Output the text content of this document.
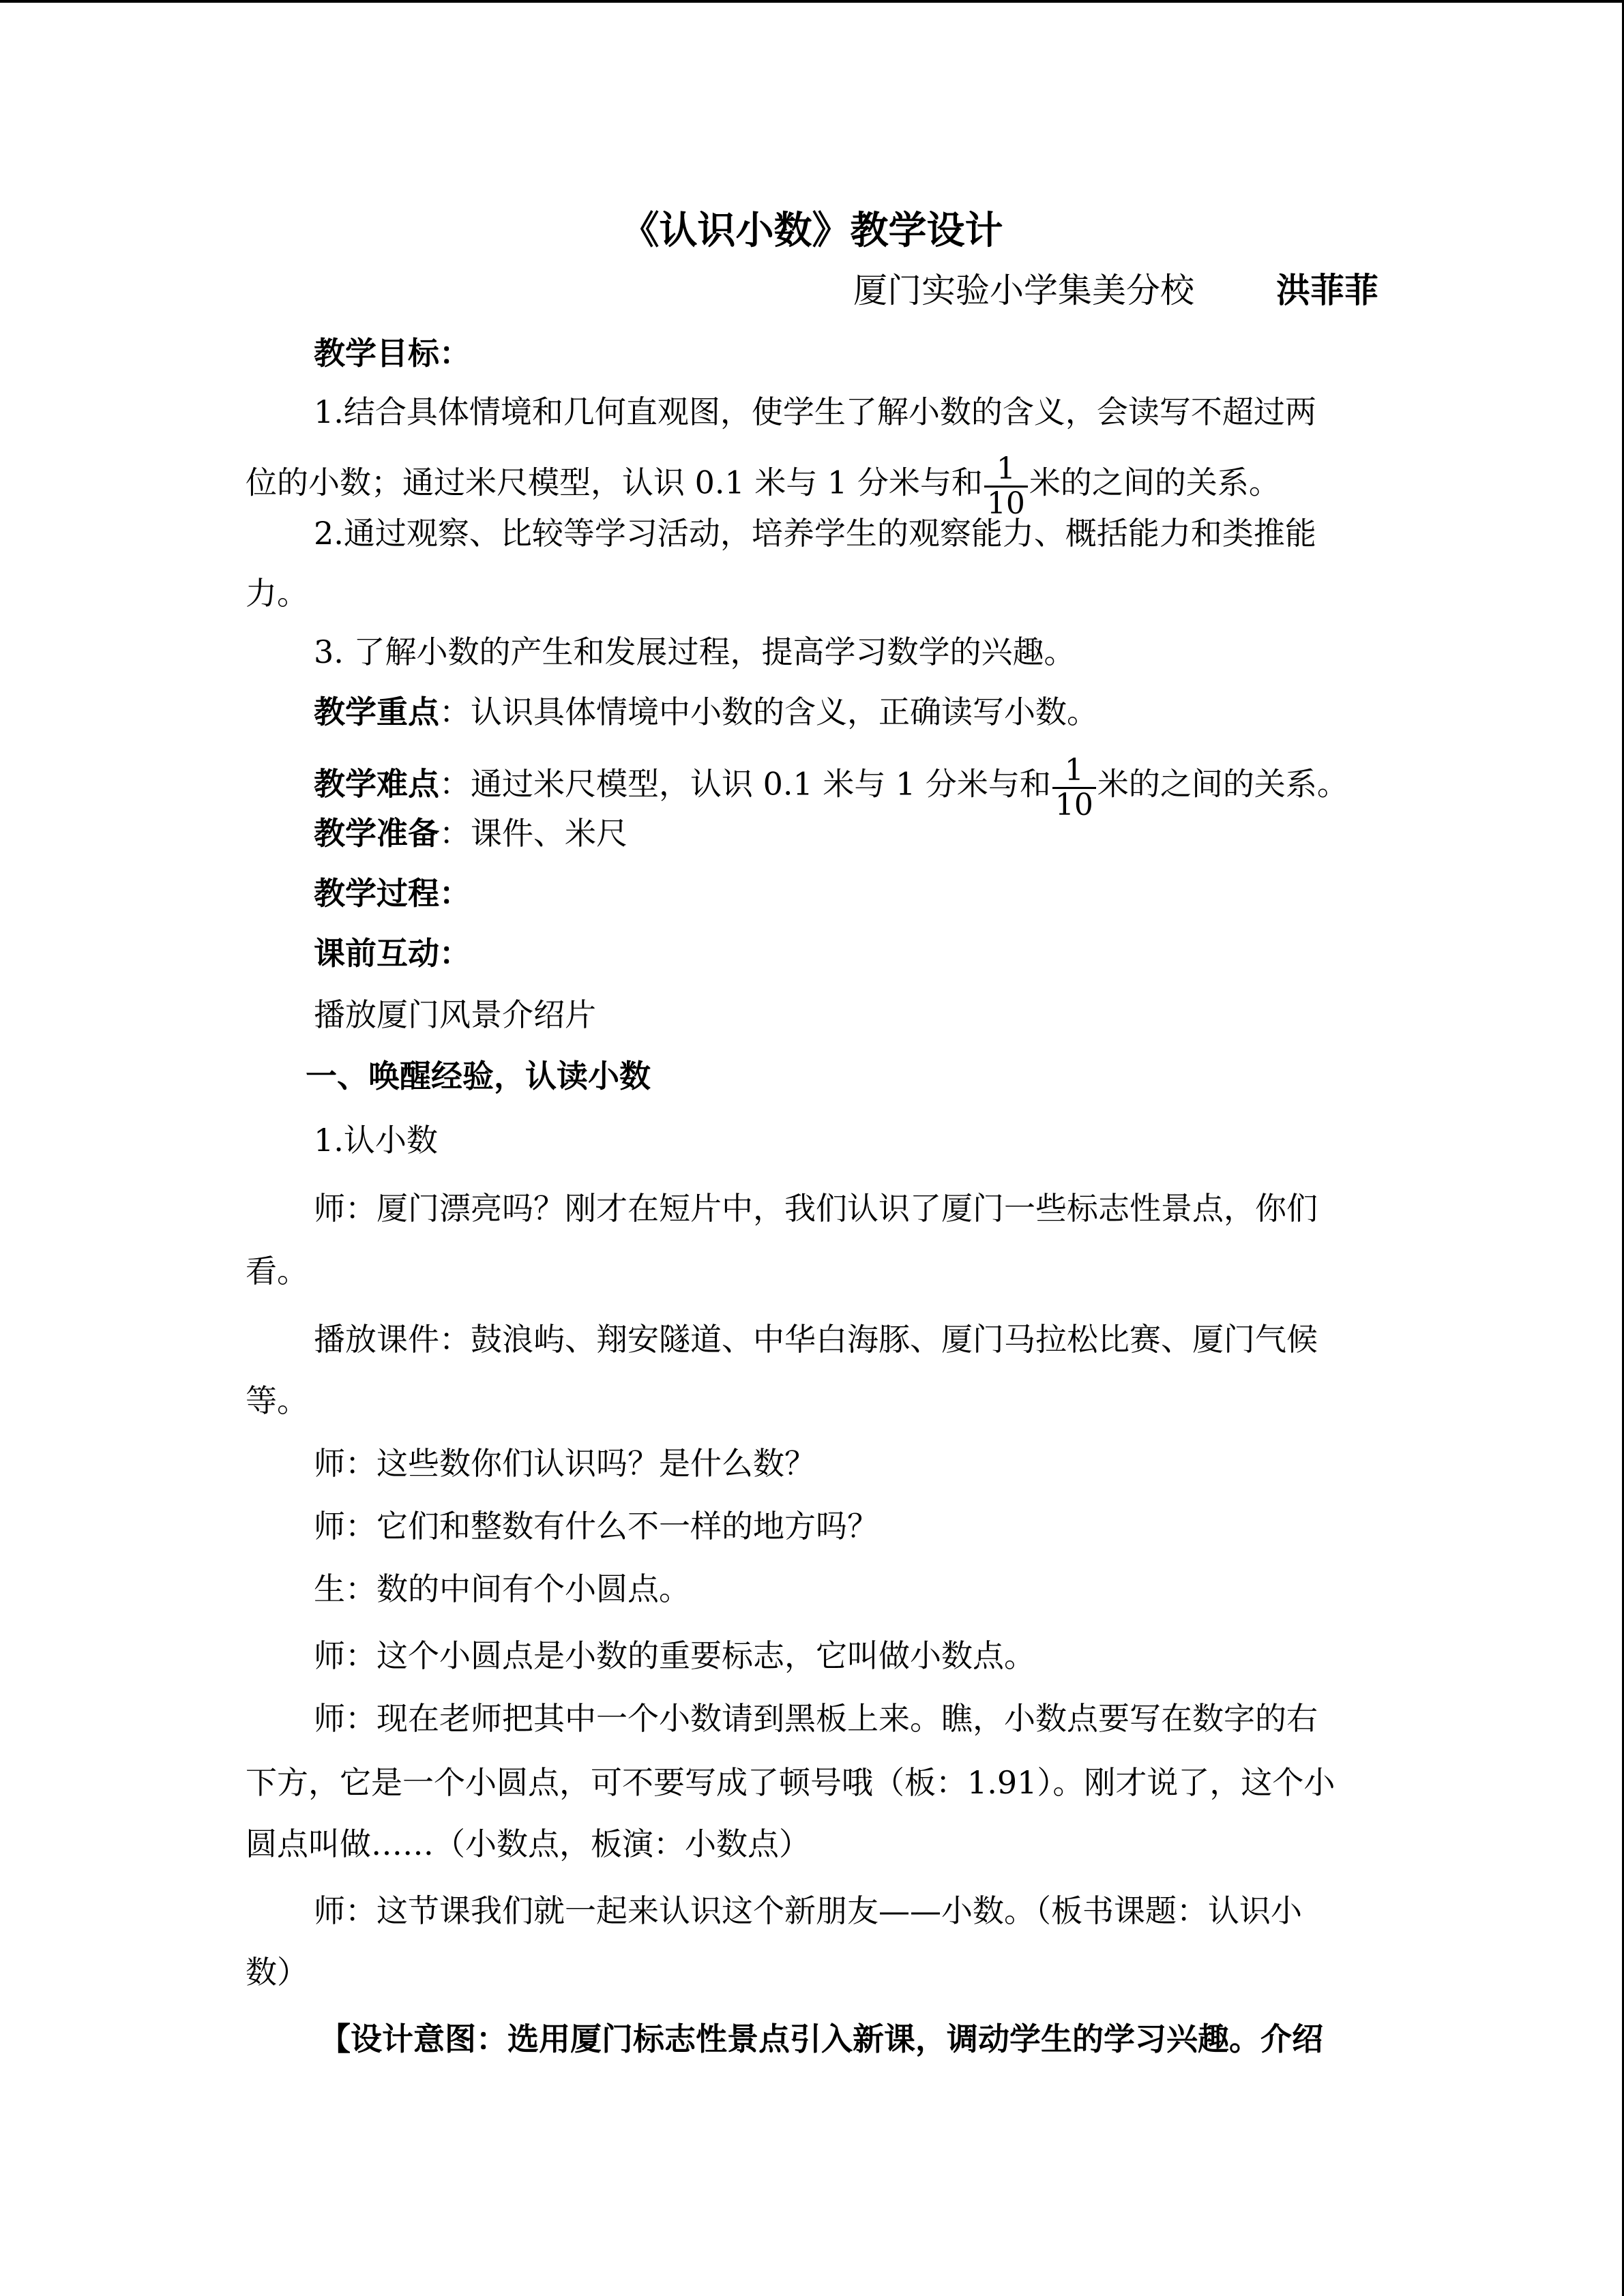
《认识小数》教学设计
厦门实验小学集美分校 洪菲菲
教学目标：
1.结合具体情境和几何直观图，使学生了解小数的含义，会读写不超过两
位的小数；通过米尺模型，认识 0.1 米与 1 分米与和 $\frac{1}{10}$ 米的之间的关系。
2.通过观察、比较等学习活动，培养学生的观察能力、概括能力和类推能
力。
3. 了解小数的产生和发展过程，提高学习数学的兴趣。
教学重点：认识具体情境中小数的含义，正确读写小数。
教学难点：通过米尺模型，认识 0.1 米与 1 分米与和 $\frac{1}{10}$ 米的之间的关系。
教学准备：课件、米尺
教学过程：
课前互动：
播放厦门风景介绍片
一、唤醒经验，认读小数
1.认小数
师：厦门漂亮吗？刚才在短片中，我们认识了厦门一些标志性景点，你们
看。
播放课件：鼓浪屿、翔安隧道、中华白海豚、厦门马拉松比赛、厦门气候
等。
师：这些数你们认识吗？是什么数？
师：它们和整数有什么不一样的地方吗？
生：数的中间有个小圆点。
师：这个小圆点是小数的重要标志，它叫做小数点。
师：现在老师把其中一个小数请到黑板上来。瞧，小数点要写在数字的右
下方，它是一个小圆点，可不要写成了顿号哦（板：1.91）。刚才说了，这个小
圆点叫做……（小数点，板演：小数点）
师：这节课我们就一起来认识这个新朋友——小数。（板书课题：认识小
数）
【设计意图：选用厦门标志性景点引入新课，调动学生的学习兴趣。介绍
